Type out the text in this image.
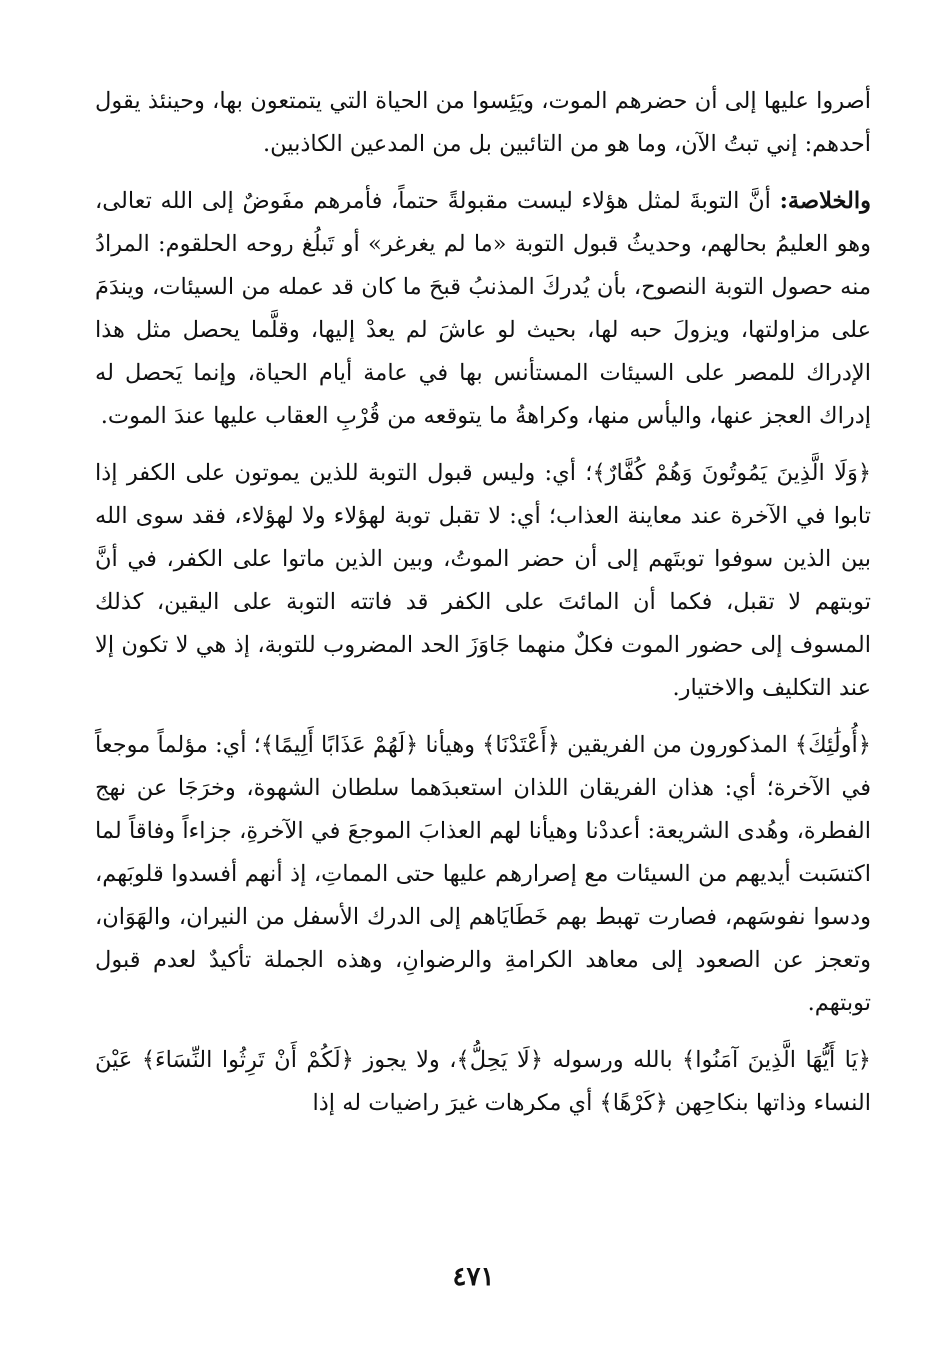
أصروا عليها إلى أن حضرهم الموت، ويَئِسوا من الحياة التي يتمتعون بها، وحينئذ يقول أحدهم: إني تبتُ الآن، وما هو من التائبين بل من المدعين الكاذبين.

والخلاصة: أنَّ التوبةَ لمثل هؤلاء ليست مقبولةً حتماً، فأمرهم مفَوضٌ إلى الله تعالى، وهو العليمُ بحالهم، وحديثُ قبول التوبة «ما لم يغرغر» أو تَبلُغ روحه الحلقوم: المرادُ منه حصول التوبة النصوح، بأن يُدركَ المذنبُ قبحَ ما كان قد عمله من السيئات، ويندَمَ على مزاولتها، ويزولَ حبه لها، بحيث لو عاشَ لم يعدْ إليها، وقلَّما يحصل مثل هذا الإدراك للمصر على السيئات المستأنس بها في عامة أيام الحياة، وإنما يَحصل له إدراك العجز عنها، واليأس منها، وكراهةُ ما يتوقعه من قُرْبِ العقاب عليها عندَ الموت.

﴿وَلَا الَّذِينَ يَمُوتُونَ وَهُمْ كُفَّارٌ﴾؛ أي: وليس قبول التوبة للذين يموتون على الكفر إذا تابوا في الآخرة عند معاينة العذاب؛ أي: لا تقبل توبة لهؤلاء ولا لهؤلاء، فقد سوى الله بين الذين سوفوا توبتَهم إلى أن حضر الموتُ، وبين الذين ماتوا على الكفر، في أنَّ توبتهم لا تقبل، فكما أن المائتَ على الكفر قد فاتته التوبة على اليقين، كذلك المسوف إلى حضور الموت فكلٌ منهما جَاوَزَ الحد المضروب للتوبة، إذ هي لا تكون إلا عند التكليف والاختيار.

﴿أُولَٰئِكَ﴾ المذكورون من الفريقين ﴿أَعْتَدْنَا﴾ وهيأنا ﴿لَهُمْ عَذَابًا أَلِيمًا﴾؛ أي: مؤلماً موجعاً في الآخرة؛ أي: هذان الفريقان اللذان استعبدَهما سلطان الشهوة، وخرَجَا عن نهج الفطرة، وهُدى الشريعة: أعددْنا وهيأنا لهم العذابَ الموجعَ في الآخرةِ، جزاءاً وفاقاً لما اكتسَبت أيديهم من السيئات مع إصرارهم عليها حتى المماتِ، إذ أنهم أفسدوا قلوبَهم، ودسوا نفوسَهم، فصارت تهبط بهم خَطَايَاهم إلى الدرك الأسفل من النيران، والهَوَان، وتعجز عن الصعود إلى معاهد الكرامةِ والرضوانِ، وهذه الجملة تأكيدٌ لعدم قبول توبتهم.

﴿يَا أَيُّهَا الَّذِينَ آمَنُوا﴾ بالله ورسوله ﴿لَا يَحِلُّ﴾، ولا يجوز ﴿لَكُمْ أَنْ تَرِثُوا النِّسَاءَ﴾ عَيْنَ النساء وذاتها بنكاحِهن ﴿كَرْهًا﴾ أي مكرهات غيرَ راضيات له إذا

٤٧١
